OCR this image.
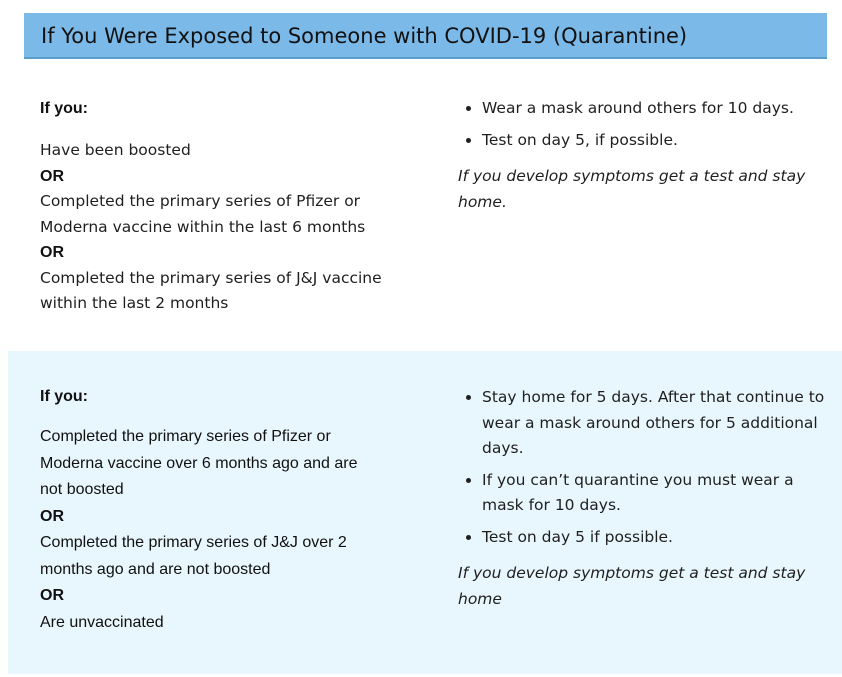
If You Were Exposed to Someone with COVID-19 (Quarantine)

If you:

Have been boosted
OR
Completed the primary series of Pfizer or
Moderna vaccine within the last 6 months
OR
Completed the primary series of J&J vaccine
within the last 2 months
• Wear a mask around others for 10 days.
• Test on day 5, if possible.

If you develop symptoms get a test and stay home.

If you:

Completed the primary series of Pfizer or
Moderna vaccine over 6 months ago and are
not boosted
OR
Completed the primary series of J&J over 2
months ago and are not boosted
OR
Are unvaccinated
• Stay home for 5 days. After that continue to wear a mask around others for 5 additional days.
• If you can’t quarantine you must wear a mask for 10 days.
• Test on day 5 if possible.

If you develop symptoms get a test and stay home
